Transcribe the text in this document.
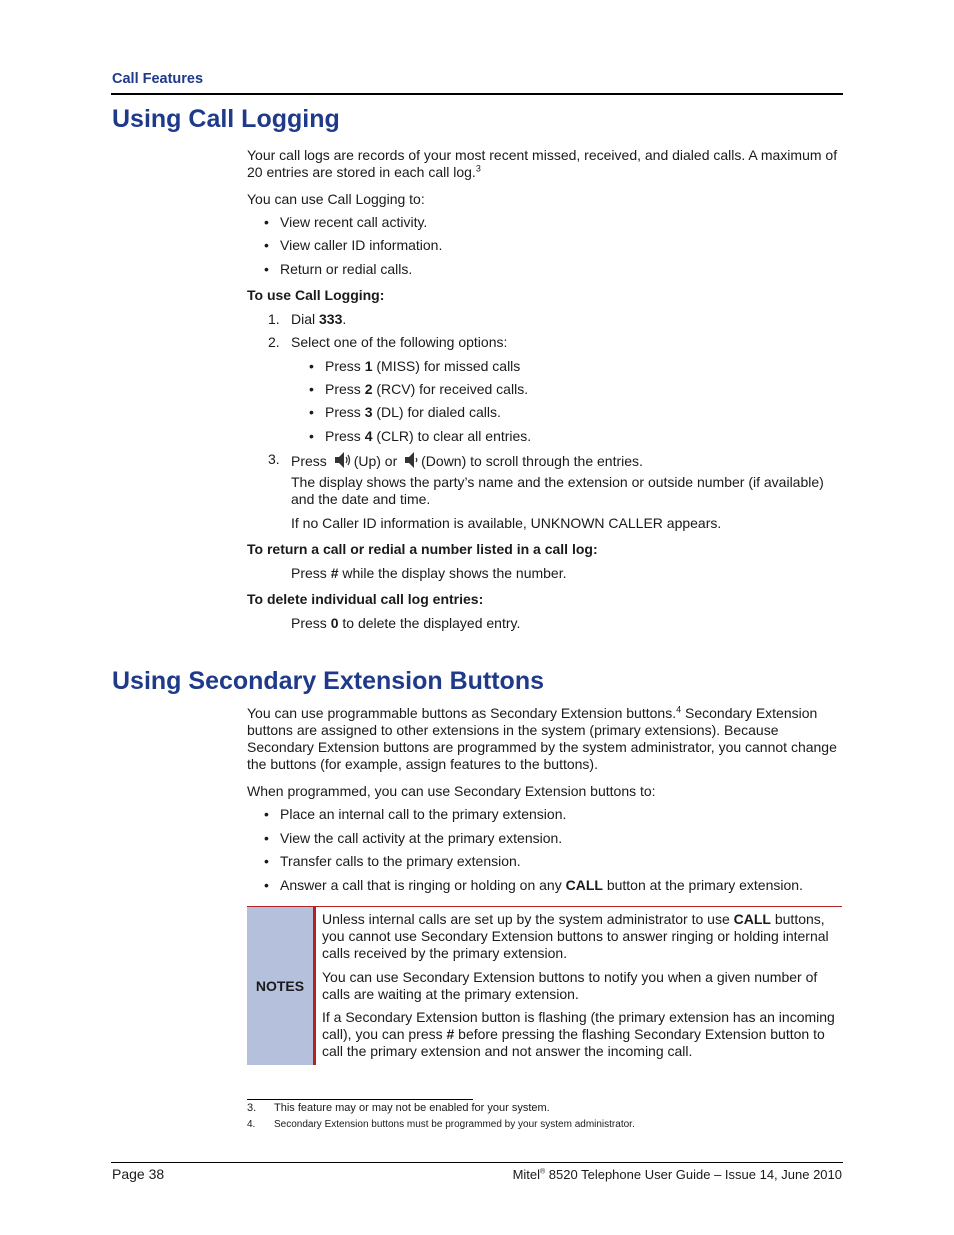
Call Features
Using Call Logging
Your call logs are records of your most recent missed, received, and dialed calls. A maximum of 20 entries are stored in each call log.$^3$
You can use Call Logging to:
• View recent call activity.
• View caller ID information.
• Return or redial calls.
To use Call Logging:
1. Dial 333.
2. Select one of the following options:
• Press 1 (MISS) for missed calls
• Press 2 (RCV) for received calls.
• Press 3 (DL) for dialed calls.
• Press 4 (CLR) to clear all entries.
3. Press (Up) or (Down) to scroll through the entries.
The display shows the party’s name and the extension or outside number (if available) and the date and time.
If no Caller ID information is available, UNKNOWN CALLER appears.
To return a call or redial a number listed in a call log:
Press # while the display shows the number.
To delete individual call log entries:
Press 0 to delete the displayed entry.
Using Secondary Extension Buttons
You can use programmable buttons as Secondary Extension buttons.$^4$ Secondary Extension buttons are assigned to other extensions in the system (primary extensions). Because Secondary Extension buttons are programmed by the system administrator, you cannot change the buttons (for example, assign features to the buttons).
When programmed, you can use Secondary Extension buttons to:
• Place an internal call to the primary extension.
• View the call activity at the primary extension.
• Transfer calls to the primary extension.
• Answer a call that is ringing or holding on any CALL button at the primary extension.
NOTES
Unless internal calls are set up by the system administrator to use CALL buttons, you cannot use Secondary Extension buttons to answer ringing or holding internal calls received by the primary extension.
You can use Secondary Extension buttons to notify you when a given number of calls are waiting at the primary extension.
If a Secondary Extension button is flashing (the primary extension has an incoming call), you can press # before pressing the flashing Secondary Extension button to call the primary extension and not answer the incoming call.
3. This feature may or may not be enabled for your system.
4. Secondary Extension buttons must be programmed by your system administrator.
Page 38	Mitel® 8520 Telephone User Guide – Issue 14, June 2010
